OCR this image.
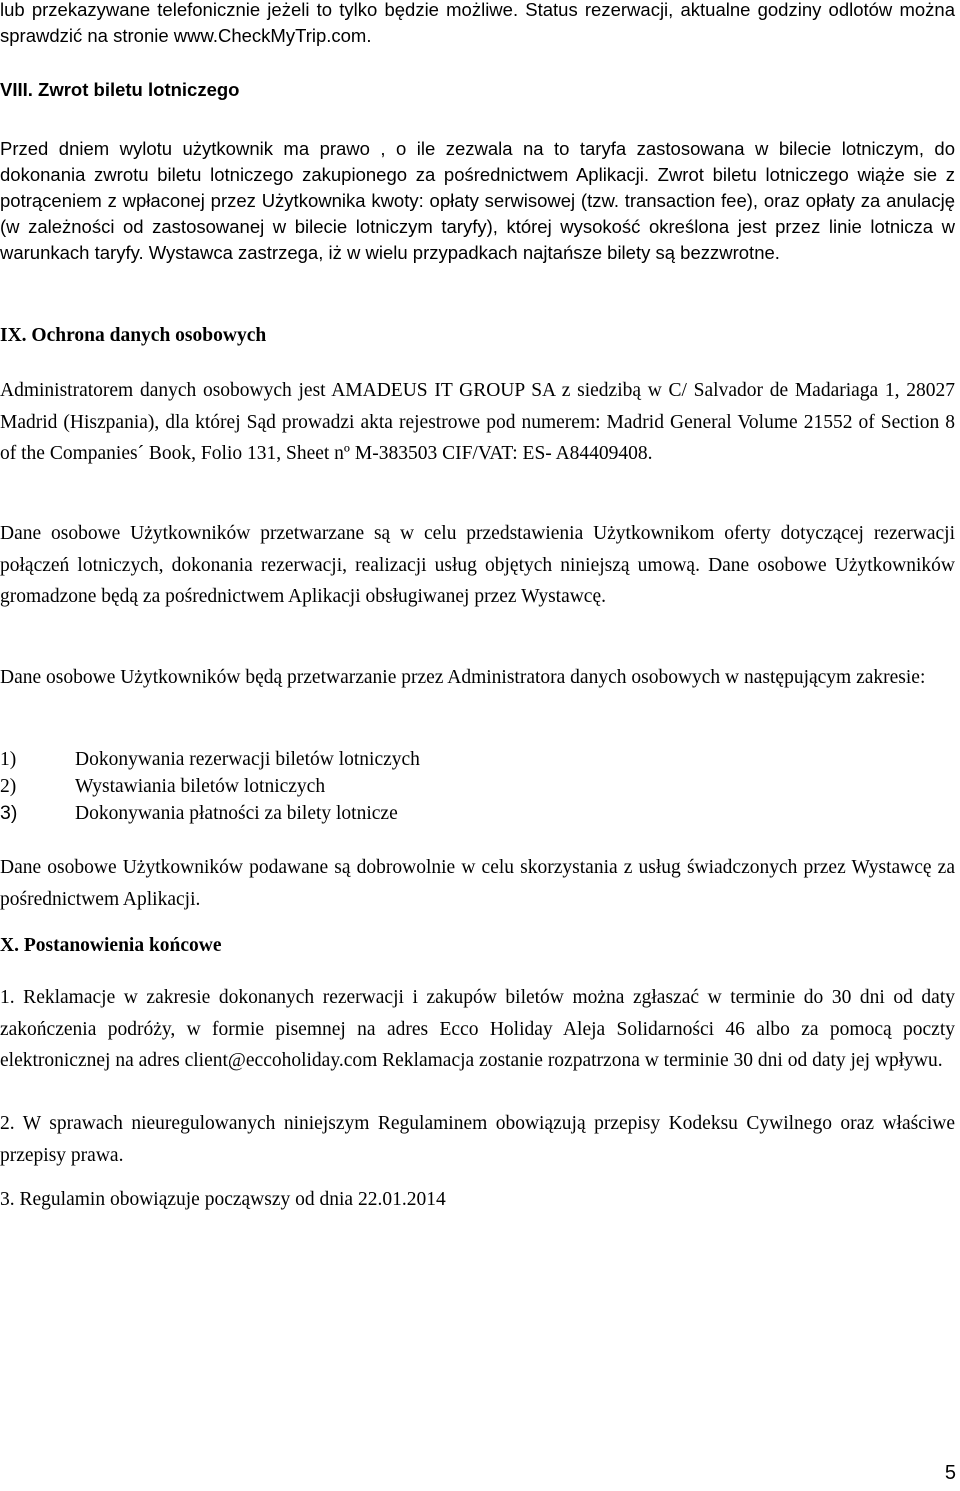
lub przekazywane telefonicznie jeżeli to tylko będzie możliwe. Status rezerwacji, aktualne godziny odlotów można sprawdzić na stronie www.CheckMyTrip.com.

VIII. Zwrot biletu lotniczego

Przed dniem wylotu użytkownik ma prawo , o ile zezwala na to taryfa zastosowana w bilecie lotniczym, do dokonania zwrotu biletu lotniczego zakupionego za pośrednictwem Aplikacji. Zwrot biletu lotniczego wiąże sie z potrąceniem z wpłaconej przez Użytkownika kwoty: opłaty serwisowej (tzw. transaction fee), oraz opłaty za anulację (w zależności od zastosowanej w bilecie lotniczym taryfy), której wysokość określona jest przez linie lotnicza w warunkach taryfy. Wystawca zastrzega, iż w wielu przypadkach najtańsze bilety są bezzwrotne.

IX. Ochrona danych osobowych

Administratorem danych osobowych jest AMADEUS IT GROUP SA z siedzibą w C/ Salvador de Madariaga 1, 28027 Madrid (Hiszpania), dla której Sąd prowadzi akta rejestrowe pod numerem: Madrid General Volume 21552 of Section 8 of the Companies´ Book, Folio 131, Sheet nº M-383503 CIF/VAT: ES- A84409408.

Dane osobowe Użytkowników przetwarzane są w celu przedstawienia Użytkownikom oferty dotyczącej rezerwacji połączeń lotniczych, dokonania rezerwacji, realizacji usług objętych niniejszą umową. Dane osobowe Użytkowników gromadzone będą za pośrednictwem Aplikacji obsługiwanej przez Wystawcę.

Dane osobowe Użytkowników będą przetwarzanie przez Administratora danych osobowych w następującym zakresie:

1)	Dokonywania rezerwacji biletów lotniczych
2)	Wystawiania biletów lotniczych
3)	Dokonywania płatności za bilety lotnicze

Dane osobowe Użytkowników podawane są dobrowolnie w celu skorzystania z usług świadczonych przez Wystawcę za pośrednictwem Aplikacji.

X. Postanowienia końcowe

1. Reklamacje w zakresie dokonanych rezerwacji i zakupów biletów można zgłaszać w terminie do 30 dni od daty zakończenia podróży, w formie pisemnej na adres Ecco Holiday Aleja Solidarności 46 albo za pomocą poczty elektronicznej na adres client@eccoholiday.com Reklamacja zostanie rozpatrzona w terminie 30 dni od daty jej wpływu.

2. W sprawach nieuregulowanych niniejszym Regulaminem obowiązują przepisy Kodeksu Cywilnego oraz właściwe przepisy prawa.

3. Regulamin obowiązuje począwszy od dnia 22.01.2014

5
